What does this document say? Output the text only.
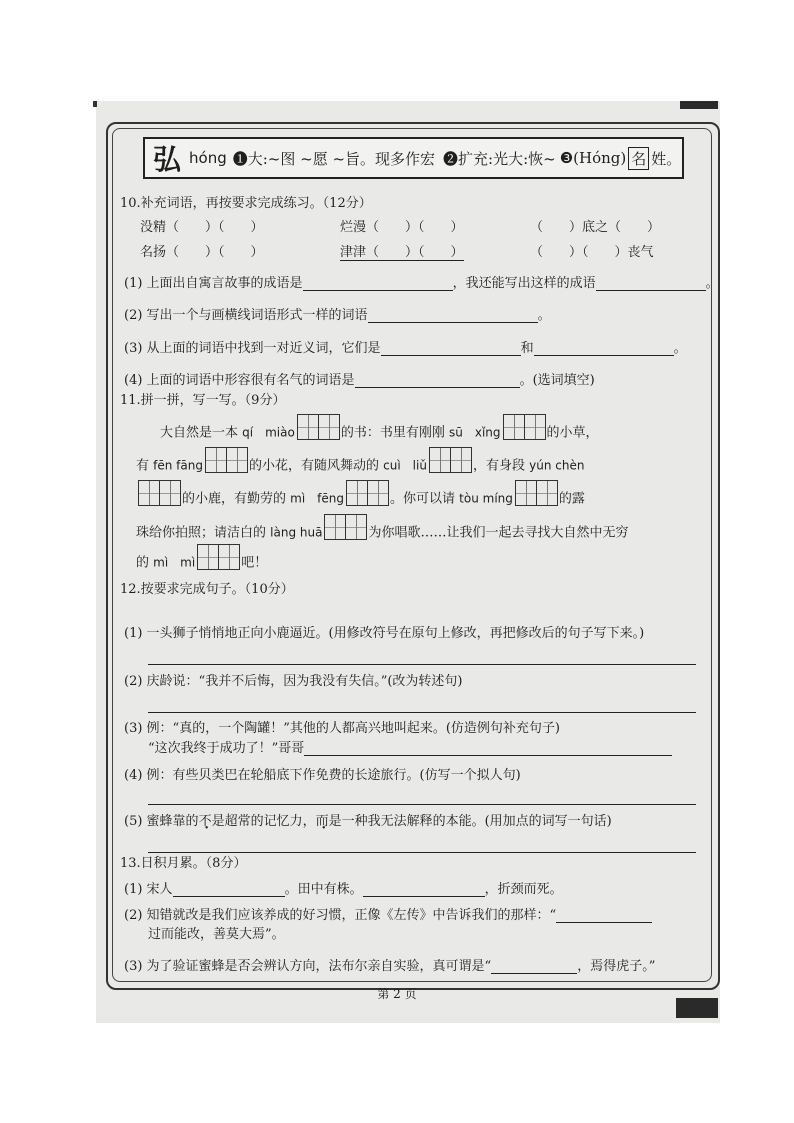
弘 hóng ❶大:~图 ~愿 ~旨。现多作宏 ❷扩充:光大:恢~ ❸(Hóng) 名 姓。
10.补充词语，再按要求完成练习。（12分）
没精（　　）（　　）	烂漫（　　）（　　）	（　　）底之（　　）
名扬（　　）（　　）	津津（　　）（　　）	（　　）（　　）丧气
(1) 上面出自寓言故事的成语是	，我还能写出这样的成语	。
(2) 写出一个与画横线词语形式一样的词语	。
(3) 从上面的词语中找到一对近义词，它们是	和	。
(4) 上面的词语中形容很有名气的词语是	。(选词填空)
11.拼一拼，写一写。（9分）
大自然是一本 qí　miào	的书：书里有刚刚 sū　xǐng	的小草，
有 fēn fāng	的小花，有随风舞动的 cuì　liǔ	，有身段 yún chèn
的小鹿，有勤劳的 mì　fēng	。你可以请 tòu míng	的露
珠给你拍照；请洁白的 làng huā	为你唱歌……让我们一起去寻找大自然中无穷
的 mì　mì	吧！
12.按要求完成句子。（10分）
(1) 一头狮子悄悄地正向小鹿逼近。(用修改符号在原句上修改，再把修改后的句子写下来。)
(2) 庆龄说：“我并不后悔，因为我没有失信。”(改为转述句)
(3) 例：“真的，一个陶罐！”其他的人都高兴地叫起来。(仿造例句补充句子)
“这次我终于成功了！”哥哥
(4) 例：有些贝类巴在轮船底下作免费的长途旅行。(仿写一个拟人句)
(5) 蜜蜂靠的不是超常的记忆力，而是一种我无法解释的本能。(用加点的词写一句话)
13.日积月累。（8分）
(1) 宋人	。田中有株。	，折颈而死。
(2) 知错就改是我们应该养成的好习惯，正像《左传》中告诉我们的那样：“
过而能改，善莫大焉”。
(3) 为了验证蜜蜂是否会辨认方向，法布尔亲自实验，真可谓是“	，焉得虎子。”
第 2 页
